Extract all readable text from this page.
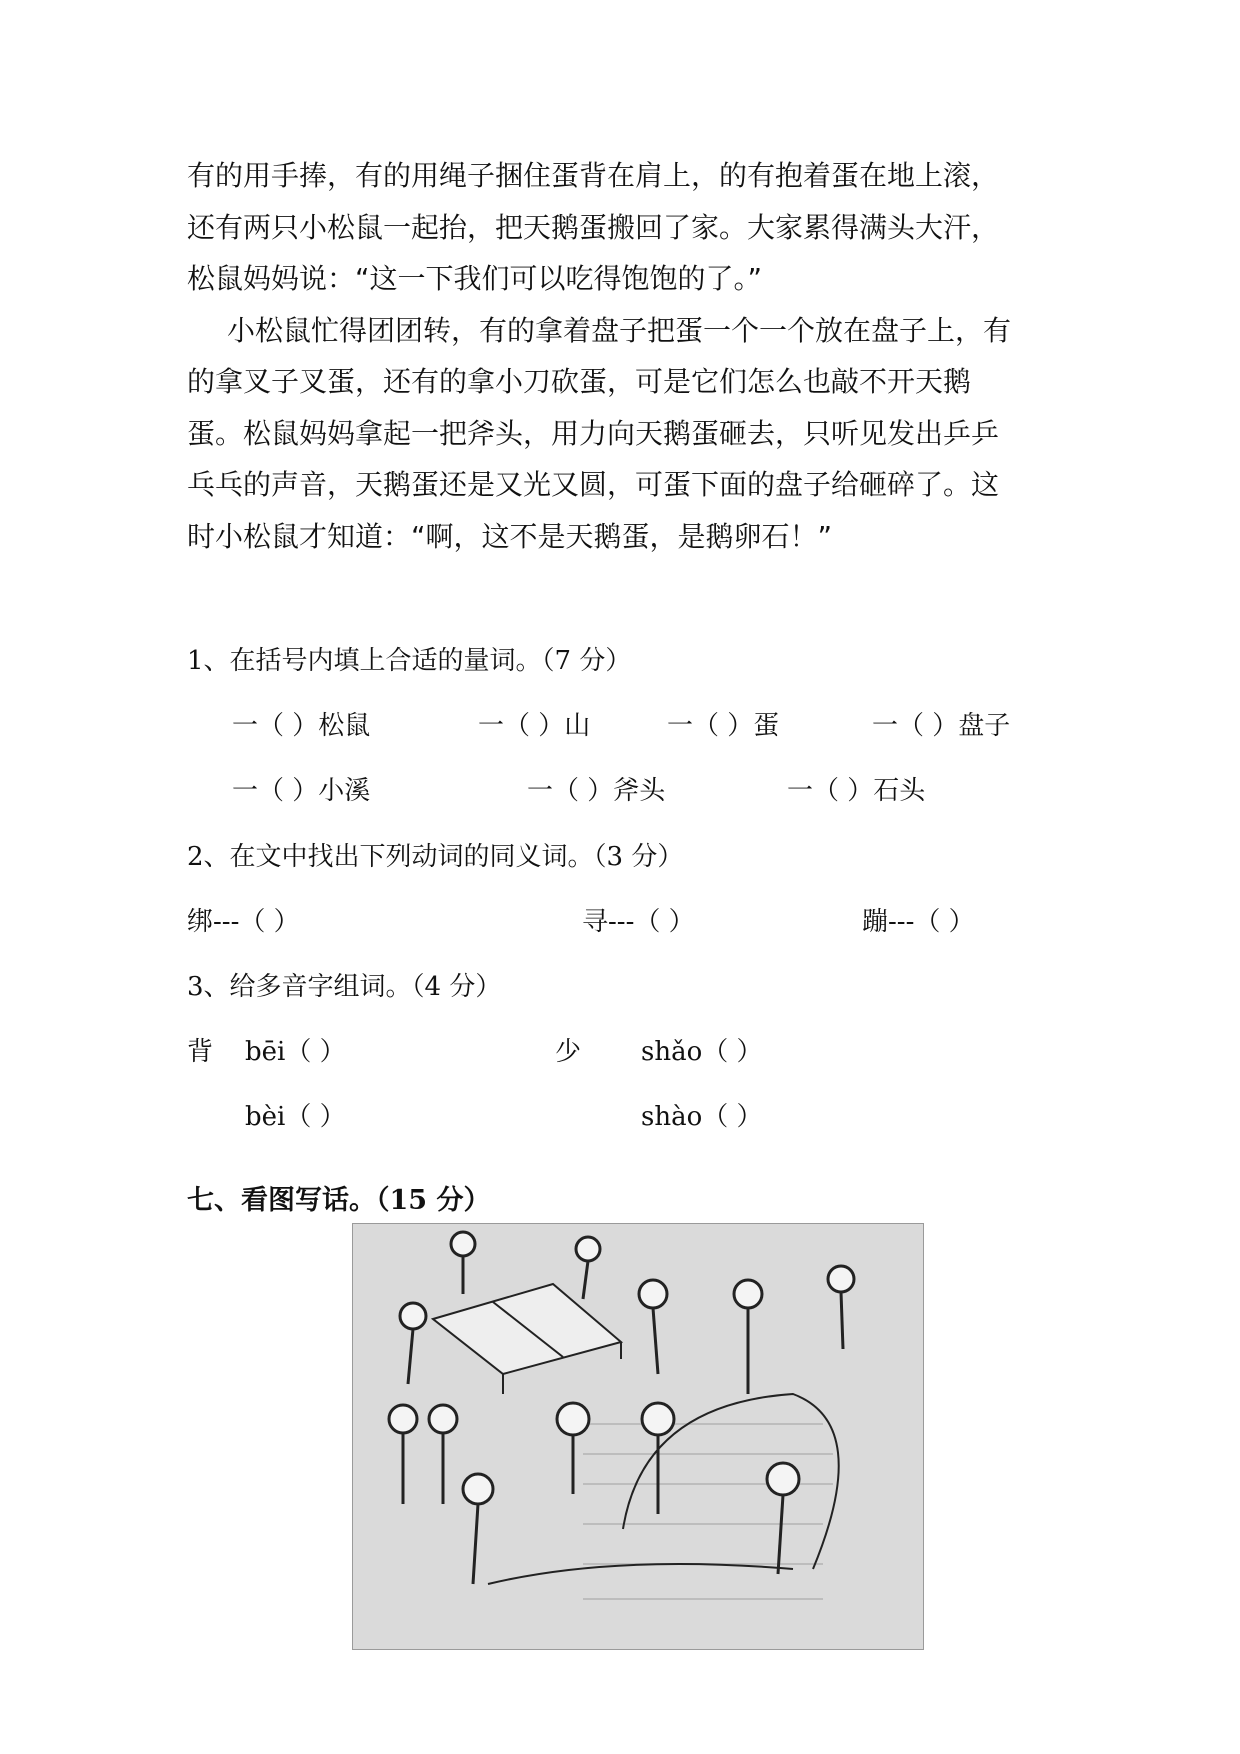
有的用手捧，有的用绳子捆住蛋背在肩上，的有抱着蛋在地上滚，

还有两只小松鼠一起抬，把天鹅蛋搬回了家。大家累得满头大汗，

松鼠妈妈说：“这一下我们可以吃得饱饱的了。”

小松鼠忙得团团转，有的拿着盘子把蛋一个一个放在盘子上，有

的拿叉子叉蛋，还有的拿小刀砍蛋，可是它们怎么也敲不开天鹅

蛋。松鼠妈妈拿起一把斧头，用力向天鹅蛋砸去，只听见发出乒乒

乓乓的声音，天鹅蛋还是又光又圆，可蛋下面的盘子给砸碎了。这

时小松鼠才知道：“啊，这不是天鹅蛋，是鹅卵石！”

1、在括号内填上合适的量词。（7 分）
一（ ）松鼠	一（ ）山	一（ ）蛋	一（ ）盘子
一（ ）小溪	一（ ）斧头	一（ ）石头
2、在文中找出下列动词的同义词。（3 分）
绑---（ ）	寻---（ ）	蹦---（ ）
3、给多音字组词。（4 分）
背 bēi（ ）	少 shǎo（ ）
bèi（ ）	shào（ ）
七、看图写话。（15 分）
